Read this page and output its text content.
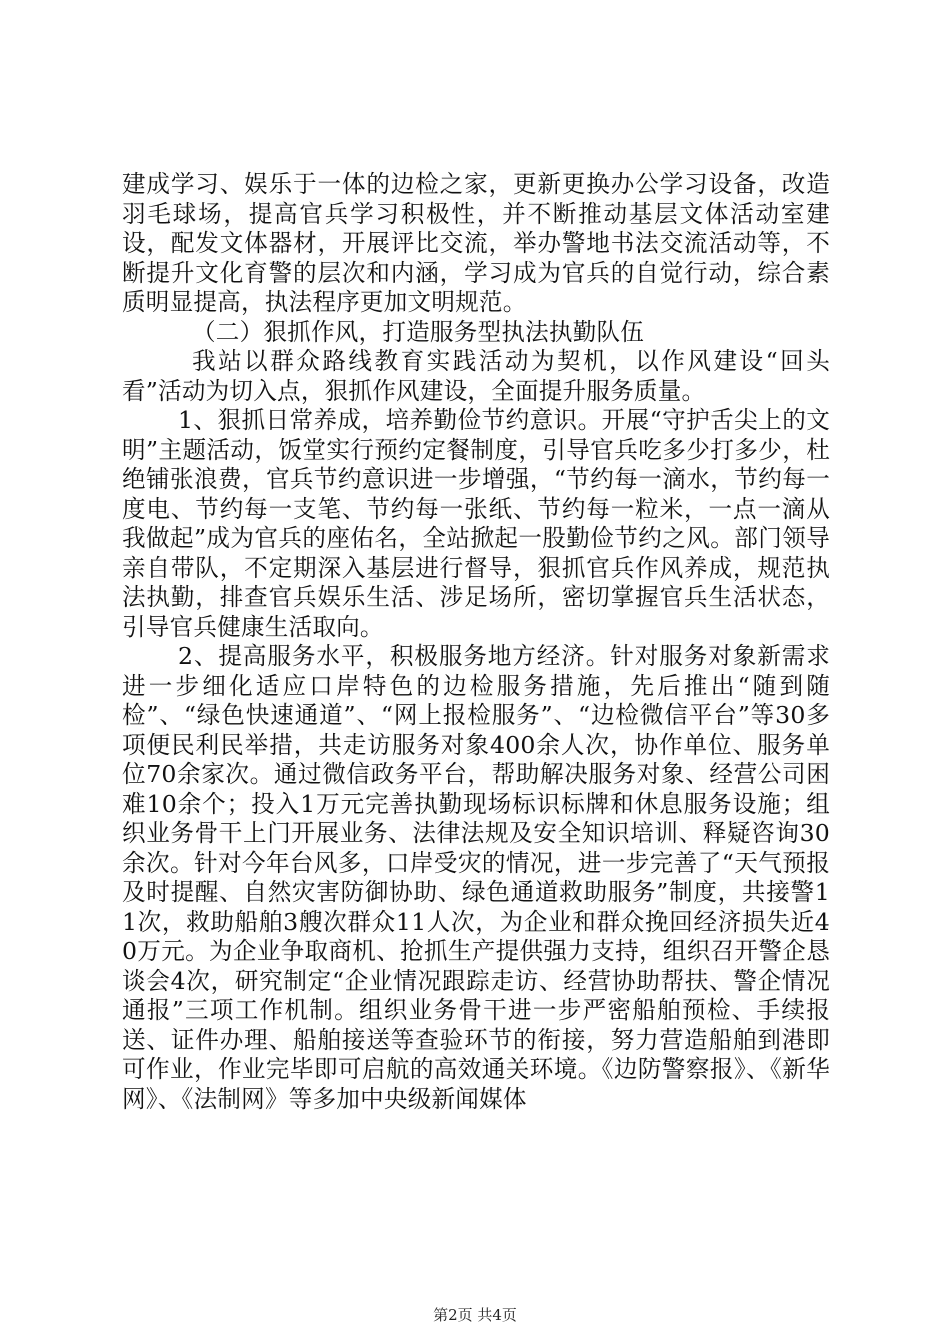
建成学习、娱乐于一体的边检之家，更新更换办公学习设备，改造羽毛球场，提高官兵学习积极性，并不断推动基层文体活动室建设，配发文体器材，开展评比交流，举办警地书法交流活动等，不断提升文化育警的层次和内涵，学习成为官兵的自觉行动，综合素质明显提高，执法程序更加文明规范。

（二）狠抓作风，打造服务型执法执勤队伍

我站以群众路线教育实践活动为契机，以作风建设“回头看”活动为切入点，狠抓作风建设，全面提升服务质量。

1、狠抓日常养成，培养勤俭节约意识。开展“守护舌尖上的文明”主题活动，饭堂实行预约定餐制度，引导官兵吃多少打多少，杜绝铺张浪费，官兵节约意识进一步增强，“节约每一滴水，节约每一度电、节约每一支笔、节约每一张纸、节约每一粒米，一点一滴从我做起”成为官兵的座佑名，全站掀起一股勤俭节约之风。部门领导亲自带队，不定期深入基层进行督导，狠抓官兵作风养成，规范执法执勤，排查官兵娱乐生活、涉足场所，密切掌握官兵生活状态，引导官兵健康生活取向。

2、提高服务水平，积极服务地方经济。针对服务对象新需求进一步细化适应口岸特色的边检服务措施，先后推出“随到随检”、“绿色快速通道”、“网上报检服务”、“边检微信平台”等30多项便民利民举措，共走访服务对象400余人次，协作单位、服务单位70余家次。通过微信政务平台，帮助解决服务对象、经营公司困难10余个；投入1万元完善执勤现场标识标牌和休息服务设施；组织业务骨干上门开展业务、法律法规及安全知识培训、释疑咨询30余次。针对今年台风多，口岸受灾的情况，进一步完善了“天气预报及时提醒、自然灾害防御协助、绿色通道救助服务”制度，共接警11次，救助船舶3艘次群众11人次，为企业和群众挽回经济损失近40万元。为企业争取商机、抢抓生产提供强力支持，组织召开警企恳谈会4次，研究制定“企业情况跟踪走访、经营协助帮扶、警企情况通报”三项工作机制。组织业务骨干进一步严密船舶预检、手续报送、证件办理、船舶接送等查验环节的衔接，努力营造船舶到港即可作业，作业完毕即可启航的高效通关环境。《边防警察报》、《新华网》、《法制网》等多加中央级新闻媒体

第2页 共4页
